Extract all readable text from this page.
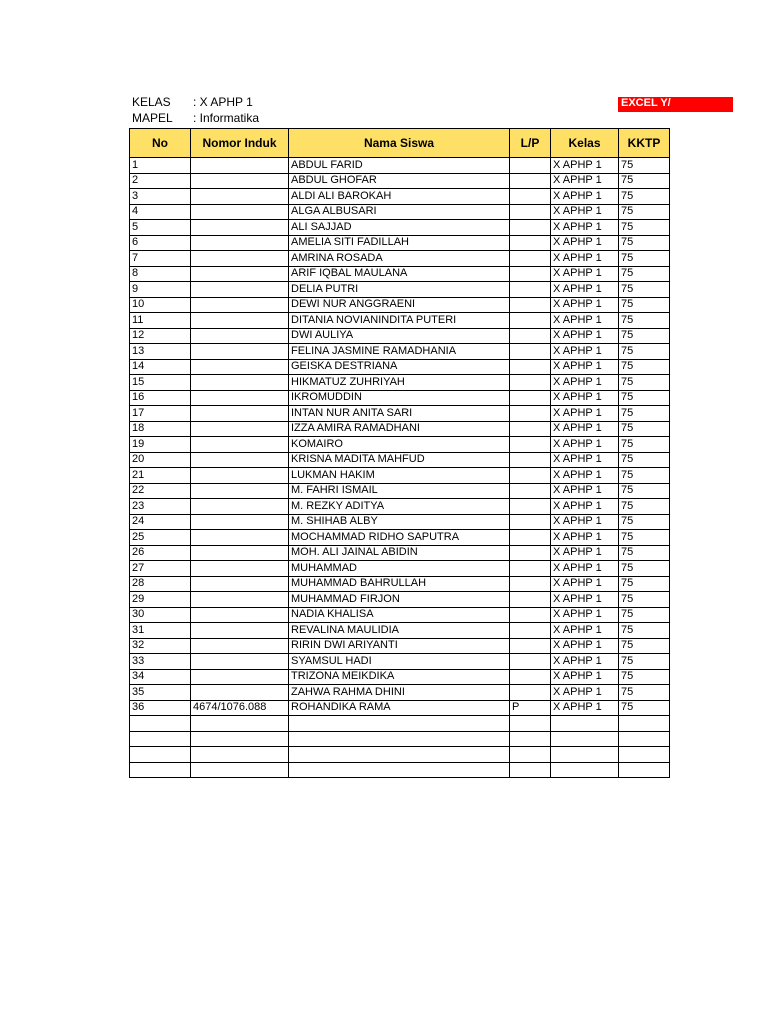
KELAS : X APHP 1
MAPEL : Informatika
EXCEL Y/
No	Nomor Induk	Nama Siswa	L/P	Kelas	KKTP
1		ABDUL FARID		X APHP 1	75
2		ABDUL GHOFAR		X APHP 1	75
3		ALDI ALI BAROKAH		X APHP 1	75
4		ALGA ALBUSARI		X APHP 1	75
5		ALI SAJJAD		X APHP 1	75
6		AMELIA SITI FADILLAH		X APHP 1	75
7		AMRINA ROSADA		X APHP 1	75
8		ARIF IQBAL MAULANA		X APHP 1	75
9		DELIA PUTRI		X APHP 1	75
10		DEWI NUR ANGGRAENI		X APHP 1	75
11		DITANIA NOVIANINDITA PUTERI		X APHP 1	75
12		DWI AULIYA		X APHP 1	75
13		FELINA JASMINE RAMADHANIA		X APHP 1	75
14		GEISKA DESTRIANA		X APHP 1	75
15		HIKMATUZ ZUHRIYAH		X APHP 1	75
16		IKROMUDDIN		X APHP 1	75
17		INTAN NUR ANITA SARI		X APHP 1	75
18		IZZA AMIRA RAMADHANI		X APHP 1	75
19		KOMAIRO		X APHP 1	75
20		KRISNA MADITA MAHFUD		X APHP 1	75
21		LUKMAN HAKIM		X APHP 1	75
22		M. FAHRI ISMAIL		X APHP 1	75
23		M. REZKY ADITYA		X APHP 1	75
24		M. SHIHAB ALBY		X APHP 1	75
25		MOCHAMMAD RIDHO SAPUTRA		X APHP 1	75
26		MOH. ALI JAINAL ABIDIN		X APHP 1	75
27		MUHAMMAD		X APHP 1	75
28		MUHAMMAD BAHRULLAH		X APHP 1	75
29		MUHAMMAD FIRJON		X APHP 1	75
30		NADIA KHALISA		X APHP 1	75
31		REVALINA MAULIDIA		X APHP 1	75
32		RIRIN DWI ARIYANTI		X APHP 1	75
33		SYAMSUL HADI		X APHP 1	75
34		TRIZONA MEIKDIKA		X APHP 1	75
35		ZAHWA RAHMA DHINI		X APHP 1	75
36	4674/1076.088	ROHANDIKA RAMA	P	X APHP 1	75
